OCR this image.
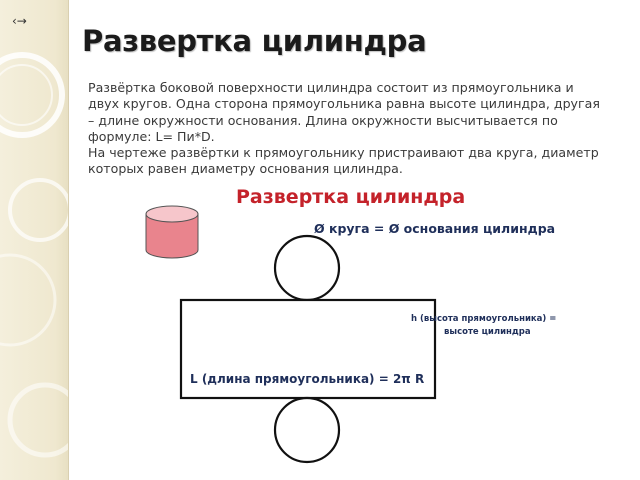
‹→
Развертка цилиндра

Развёртка боковой поверхности цилиндра состоит из прямоугольника и двух кругов. Одна сторона прямоугольника равна высоте цилиндра, другая – длине окружности основания. Длина окружности высчитывается по формуле: L= Пи*D.

На чертеже развёртки к прямоугольнику пристраивают два круга, диаметр которых равен диаметру основания цилиндра.

Развертка цилиндра
Ø круга = Ø основания цилиндра
h (высота прямоугольника) =
высоте цилиндра
L (длина прямоугольника) = 2π R
